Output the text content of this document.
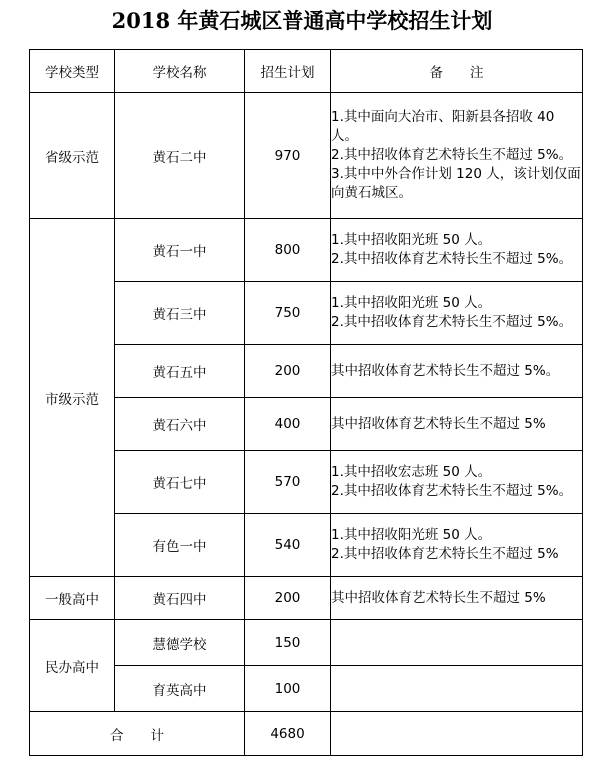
2018 年黄石城区普通高中学校招生计划
学校类型	学校名称	招生计划	备 注
省级示范	黄石二中	970	1.其中面向大冶市、阳新县各招收 40 人。
2.其中招收体育艺术特长生不超过 5%。
3.其中中外合作计划 120 人，该计划仅面向黄石城区。

市级示范	黄石一中	800	1.其中招收阳光班 50 人。
2.其中招收体育艺术特长生不超过 5%。

	黄石三中	750	1.其中招收阳光班 50 人。
2.其中招收体育艺术特长生不超过 5%。

	黄石五中	200	其中招收体育艺术特长生不超过 5%。

	黄石六中	400	其中招收体育艺术特长生不超过 5%

	黄石七中	570	1.其中招收宏志班 50 人。
2.其中招收体育艺术特长生不超过 5%。

	有色一中	540	1.其中招收阳光班 50 人。
2.其中招收体育艺术特长生不超过 5%

一般高中	黄石四中	200	其中招收体育艺术特长生不超过 5%

民办高中	慧德学校	150	
	育英高中	100	
合 计		4680	
